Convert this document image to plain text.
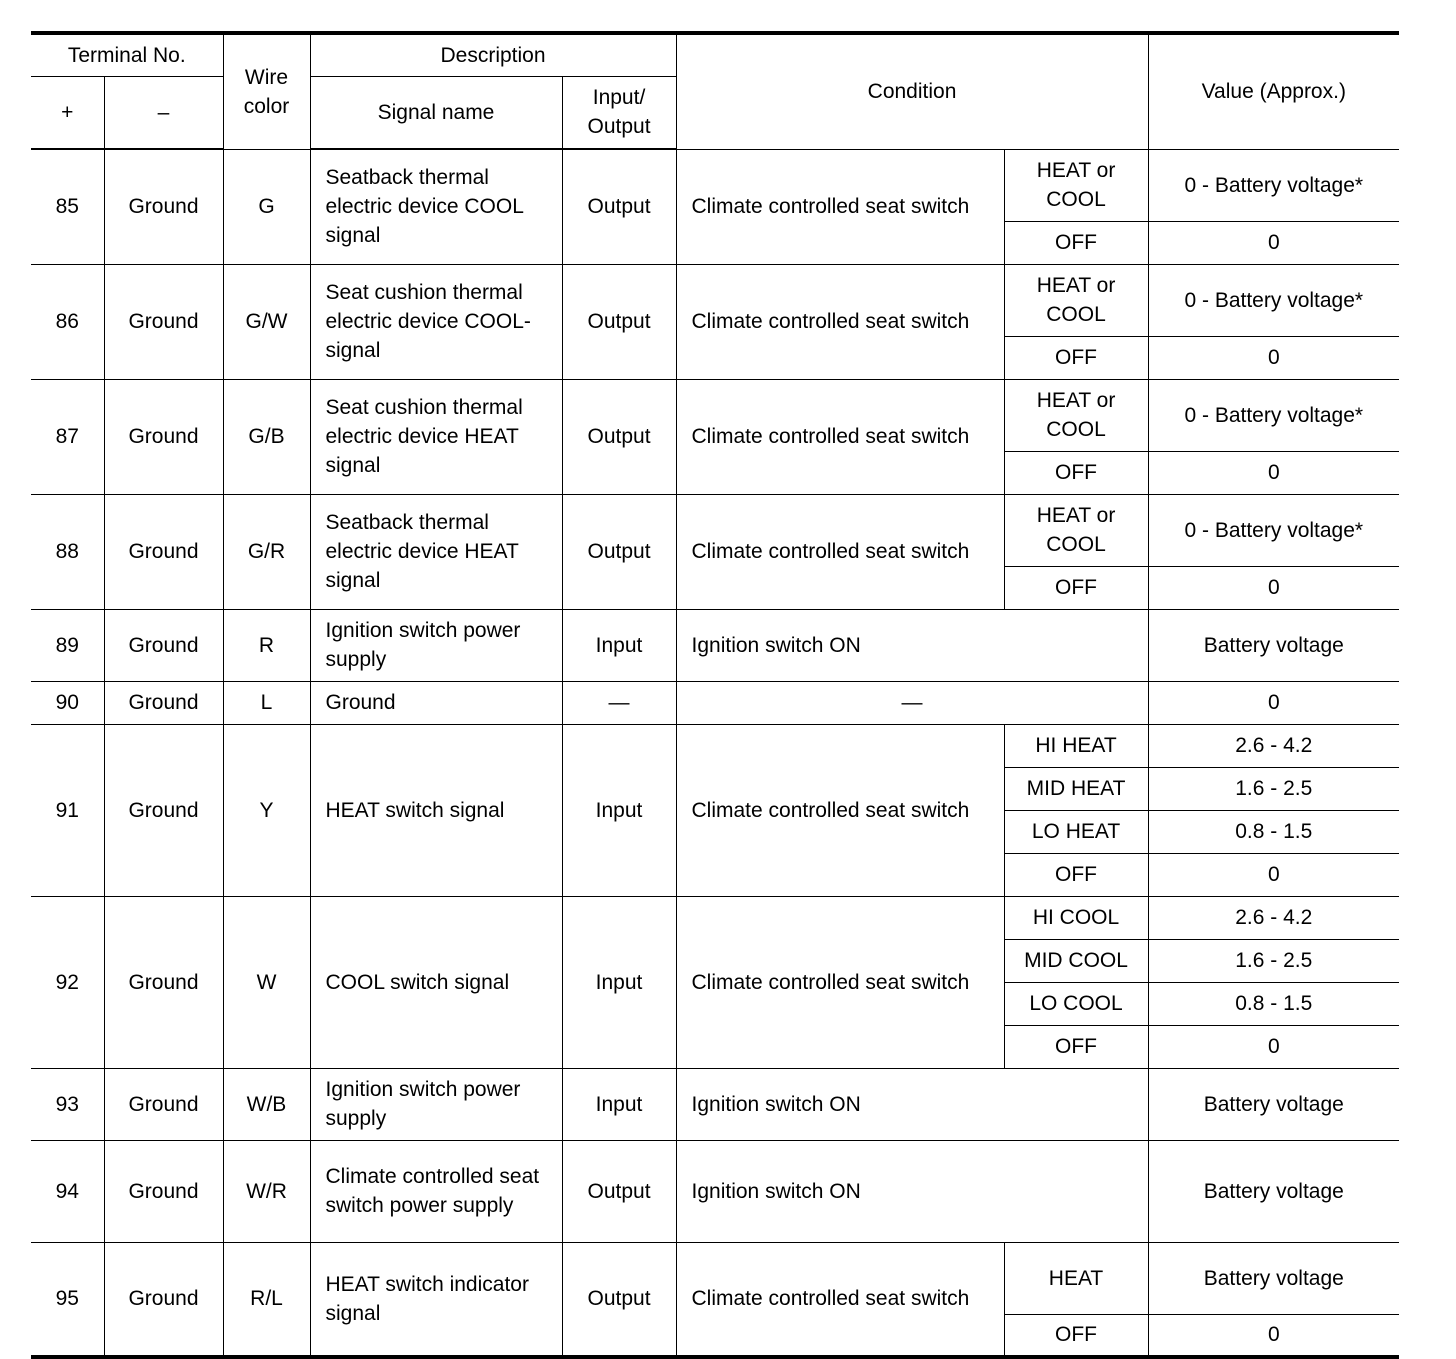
Terminal No.		Wire color	Description		Condition		Value (Approx.)
+	–		Signal name	Input/ Output			
85	Ground	G	Seatback thermal electric device COOL signal	Output	Climate controlled seat switch	HEAT or COOL	0 - Battery voltage*
						OFF	0
86	Ground	G/W	Seat cushion thermal electric device COOL-signal	Output	Climate controlled seat switch	HEAT or COOL	0 - Battery voltage*
						OFF	0
87	Ground	G/B	Seat cushion thermal electric device HEAT signal	Output	Climate controlled seat switch	HEAT or COOL	0 - Battery voltage*
						OFF	0
88	Ground	G/R	Seatback thermal electric device HEAT signal	Output	Climate controlled seat switch	HEAT or COOL	0 - Battery voltage*
						OFF	0
89	Ground	R	Ignition switch power supply	Input	Ignition switch ON		Battery voltage
90	Ground	L	Ground	—	—		0
91	Ground	Y	HEAT switch signal	Input	Climate controlled seat switch	HI HEAT	2.6 - 4.2
						MID HEAT	1.6 - 2.5
						LO HEAT	0.8 - 1.5
						OFF	0
92	Ground	W	COOL switch signal	Input	Climate controlled seat switch	HI COOL	2.6 - 4.2
						MID COOL	1.6 - 2.5
						LO COOL	0.8 - 1.5
						OFF	0
93	Ground	W/B	Ignition switch power supply	Input	Ignition switch ON		Battery voltage
94	Ground	W/R	Climate controlled seat switch power supply	Output	Ignition switch ON		Battery voltage
95	Ground	R/L	HEAT switch indicator signal	Output	Climate controlled seat switch	HEAT	Battery voltage
						OFF	0
